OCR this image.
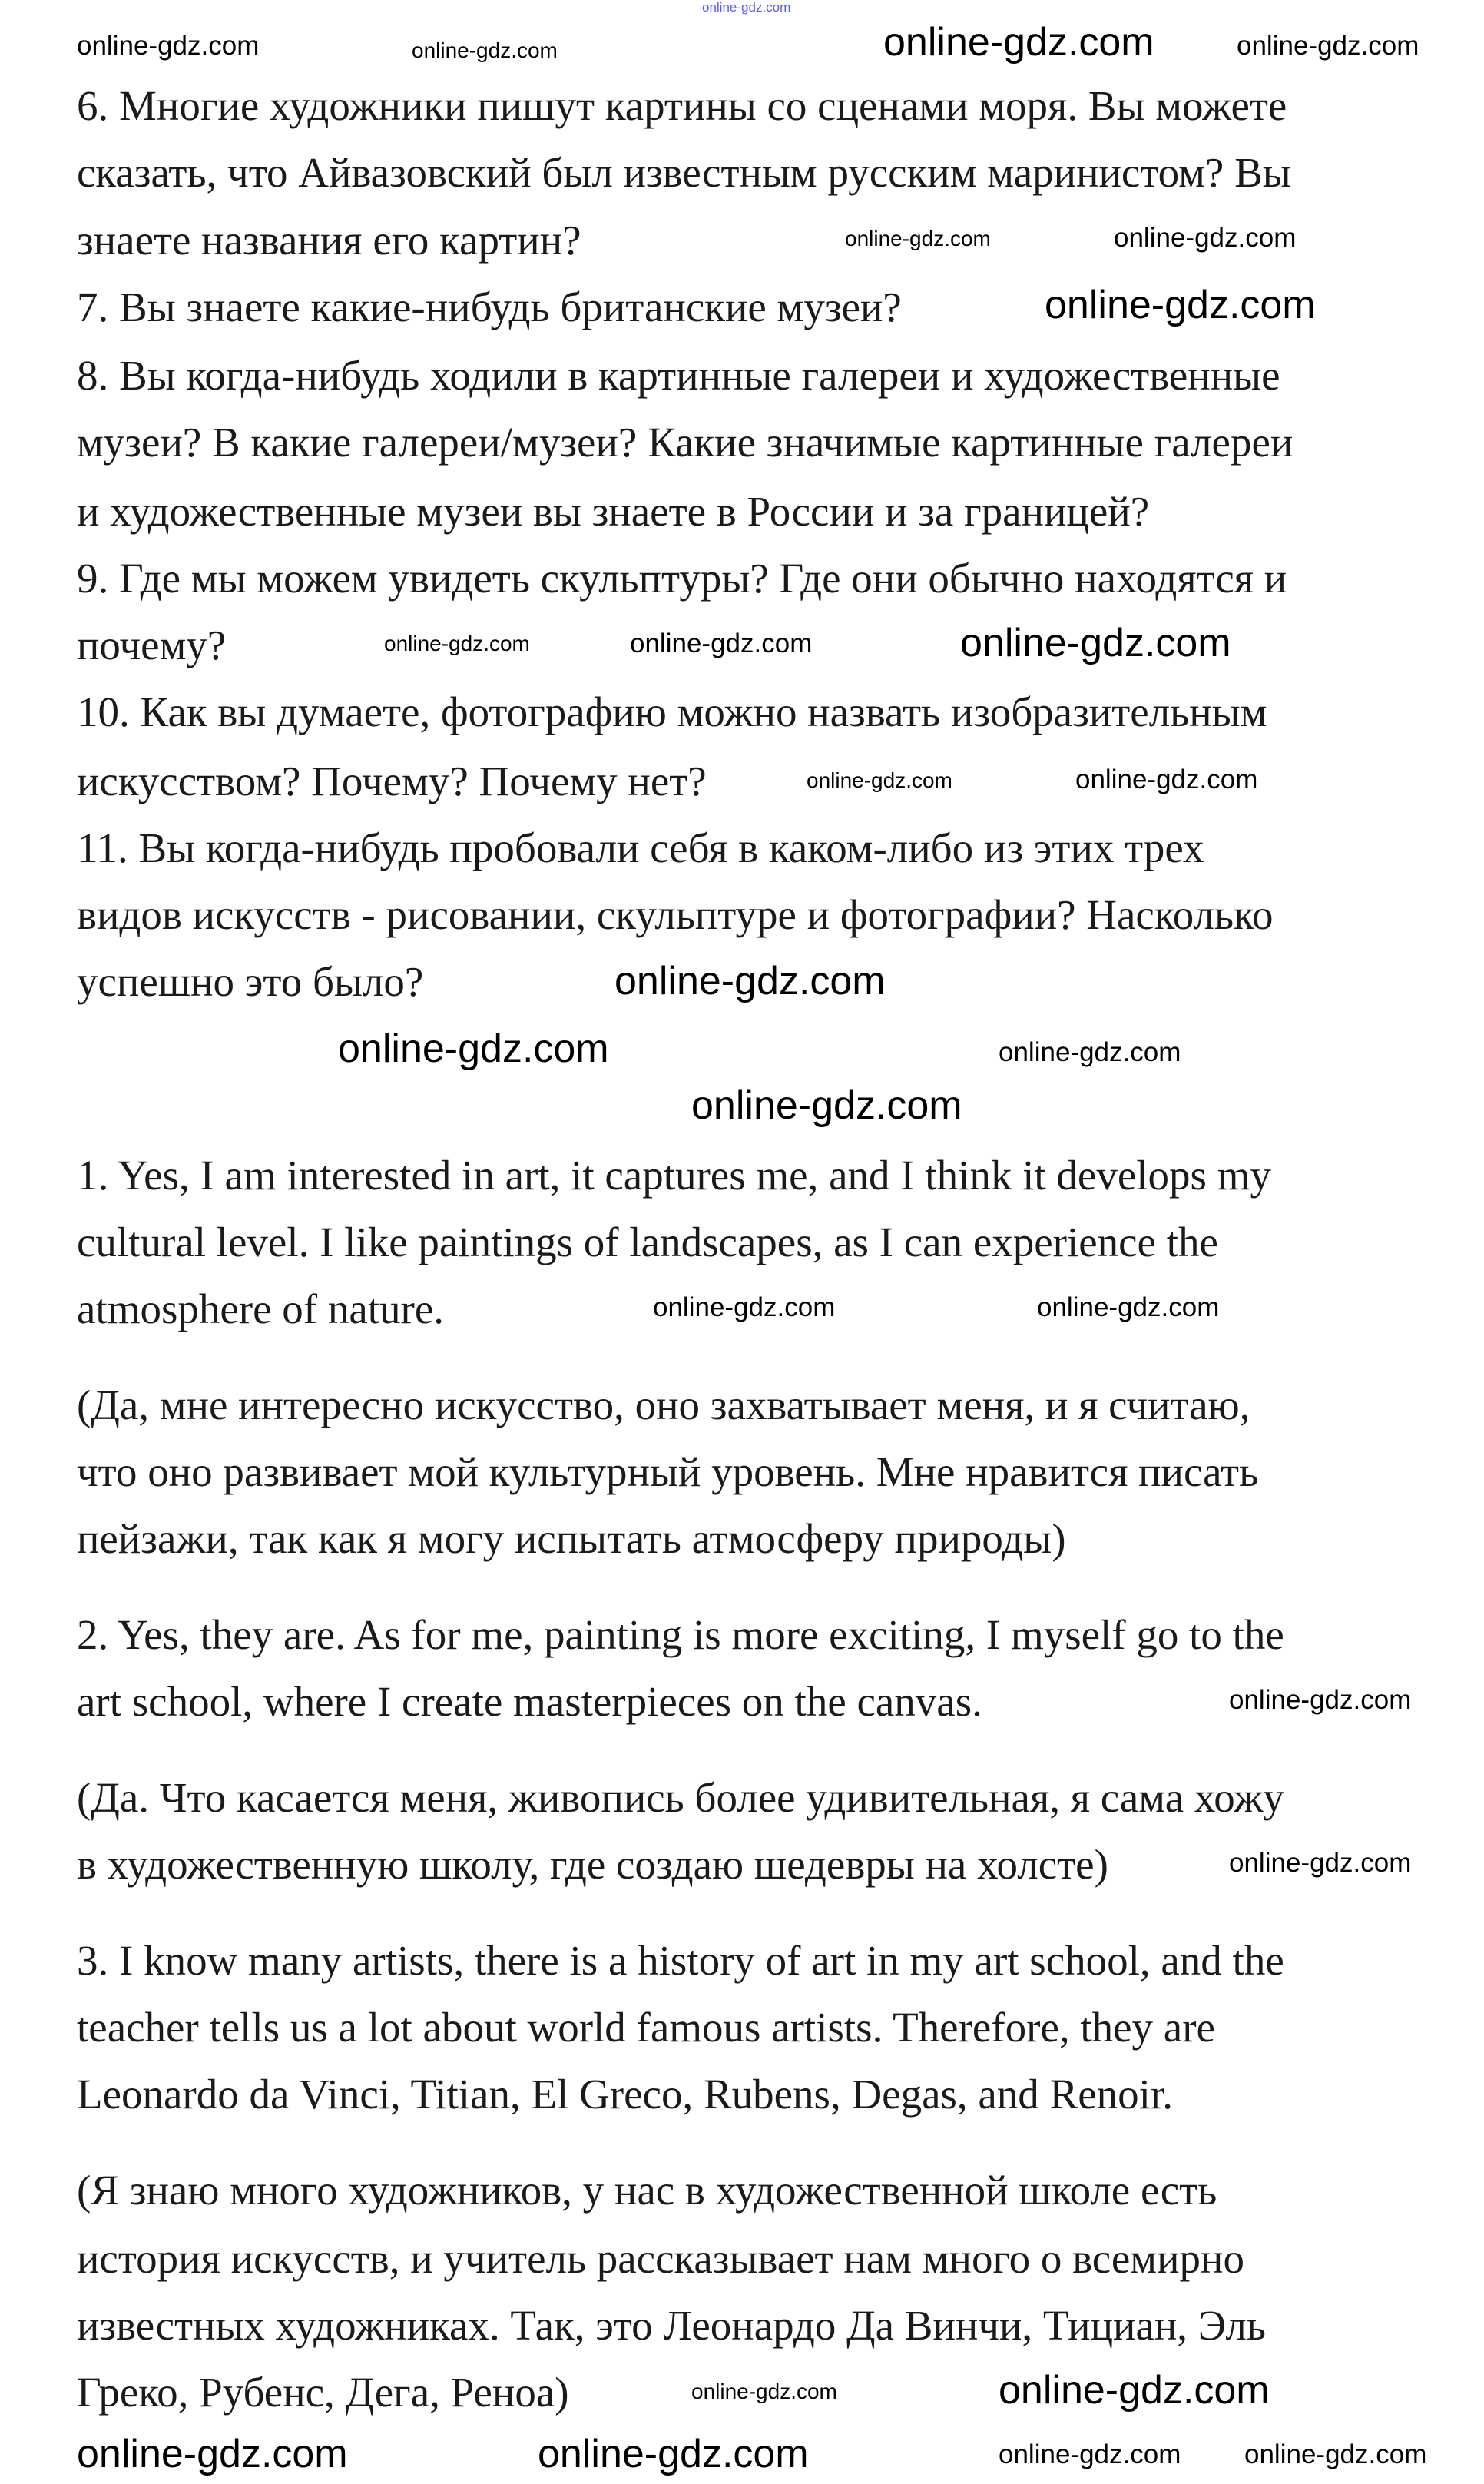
6. Многие художники пишут картины со сценами моря. Вы можете
сказать, что Айвазовский был известным русским маринистом? Вы
знаете названия его картин?
7. Вы знаете какие-нибудь британские музеи?
8. Вы когда-нибудь ходили в картинные галереи и художественные
музеи? В какие галереи/музеи? Какие значимые картинные галереи
и художественные музеи вы знаете в России и за границей?
9. Где мы можем увидеть скульптуры? Где они обычно находятся и
почему?
10. Как вы думаете, фотографию можно назвать изобразительным
искусством? Почему? Почему нет?
11. Вы когда-нибудь пробовали себя в каком-либо из этих трех
видов искусств - рисовании, скульптуре и фотографии? Насколько
успешно это было?
1. Yes, I am interested in art, it captures me, and I think it develops my
cultural level. I like paintings of landscapes, as I can experience the
atmosphere of nature.
(Да, мне интересно искусство, оно захватывает меня, и я считаю,
что оно развивает мой культурный уровень. Мне нравится писать
пейзажи, так как я могу испытать атмосферу природы)
2. Yes, they are. As for me, painting is more exciting, I myself go to the
art school, where I create masterpieces on the canvas.
(Да. Что касается меня, живопись более удивительная, я сама хожу
в художественную школу, где создаю шедевры на холсте)
3. I know many artists, there is a history of art in my art school, and the
teacher tells us a lot about world famous artists. Therefore, they are
Leonardo da Vinci, Titian, El Greco, Rubens, Degas, and Renoir.
(Я знаю много художников, у нас в художественной школе есть
история искусств, и учитель рассказывает нам много о всемирно
известных художниках. Так, это Леонардо Да Винчи, Тициан, Эль
Греко, Рубенс, Дега, Реноа)
online-gdz.com
online-gdz.com	online-gdz.com	online-gdz.com	online-gdz.com
online-gdz.com	online-gdz.com
online-gdz.com
online-gdz.com	online-gdz.com	online-gdz.com
online-gdz.com	online-gdz.com
online-gdz.com
online-gdz.com	online-gdz.com
online-gdz.com
online-gdz.com	online-gdz.com
online-gdz.com
online-gdz.com
online-gdz.com	online-gdz.com
online-gdz.com	online-gdz.com	online-gdz.com online-gdz.com
